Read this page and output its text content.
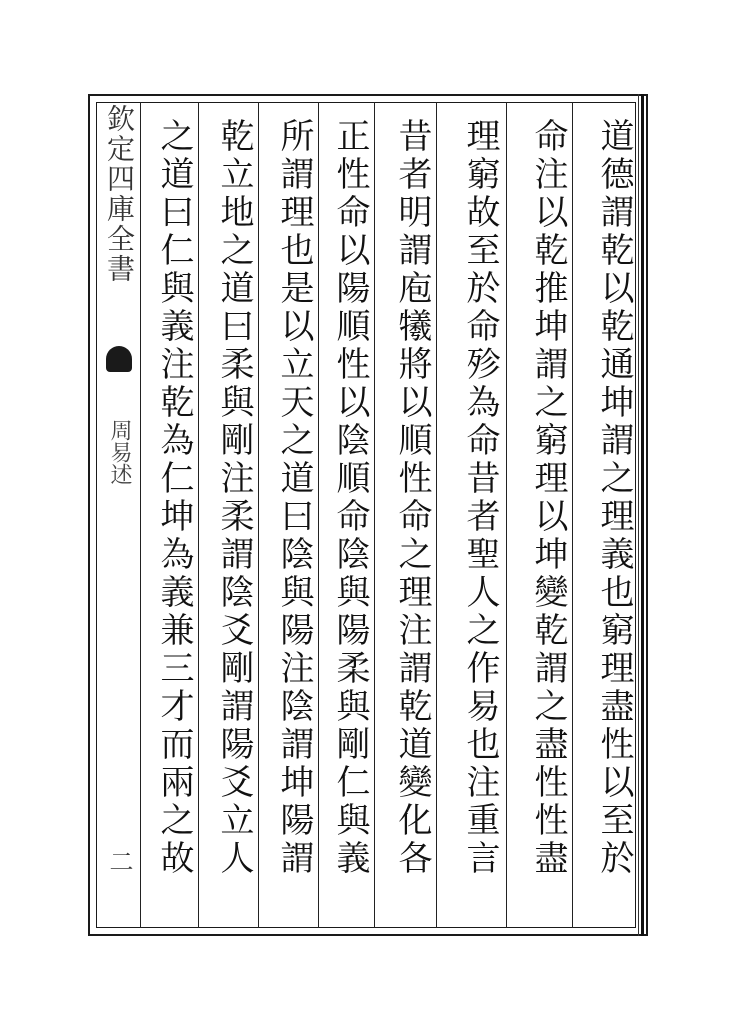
欽定四庫全書
周易述
二	道德謂乾以乾通坤謂之理義也窮理盡性以至於
命注以乾推坤謂之窮理以坤變乾謂之盡性性盡
理窮故至於命殄為命昔者聖人之作易也注重言
昔者明謂庖犧將以順性命之理注謂乾道變化各
正性命以陽順性以陰順命陰與陽柔與剛仁與義
所謂理也是以立天之道曰陰與陽注陰謂坤陽謂
乾立地之道曰柔與剛注柔謂陰爻剛謂陽爻立人
之道曰仁與義注乾為仁坤為義兼三才而兩之故
